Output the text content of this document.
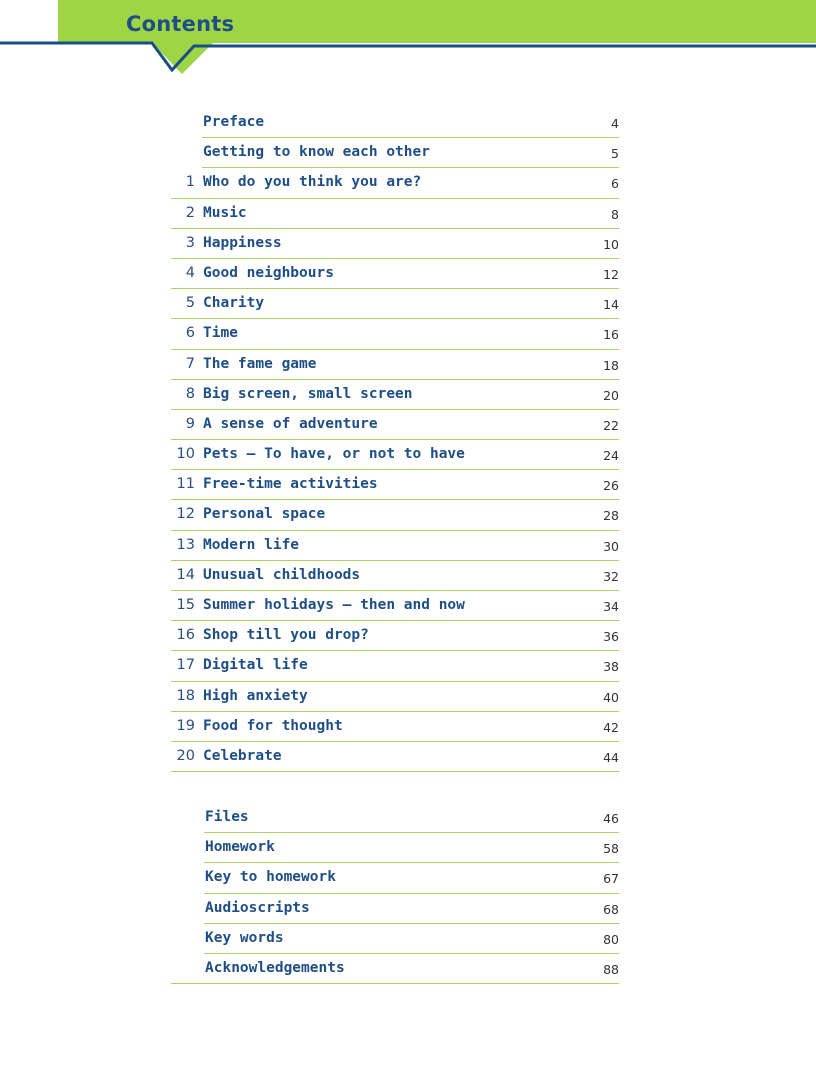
Contents
Preface	4
Getting to know each other	5
1 Who do you think you are?	6
2 Music	8
3 Happiness	10
4 Good neighbours	12
5 Charity	14
6 Time	16
7 The fame game	18
8 Big screen, small screen	20
9 A sense of adventure	22
10 Pets – To have, or not to have	24
11 Free-time activities	26
12 Personal space	28
13 Modern life	30
14 Unusual childhoods	32
15 Summer holidays – then and now	34
16 Shop till you drop?	36
17 Digital life	38
18 High anxiety	40
19 Food for thought	42
20 Celebrate	44
Files	46
Homework	58
Key to homework	67
Audioscripts	68
Key words	80
Acknowledgements	88
